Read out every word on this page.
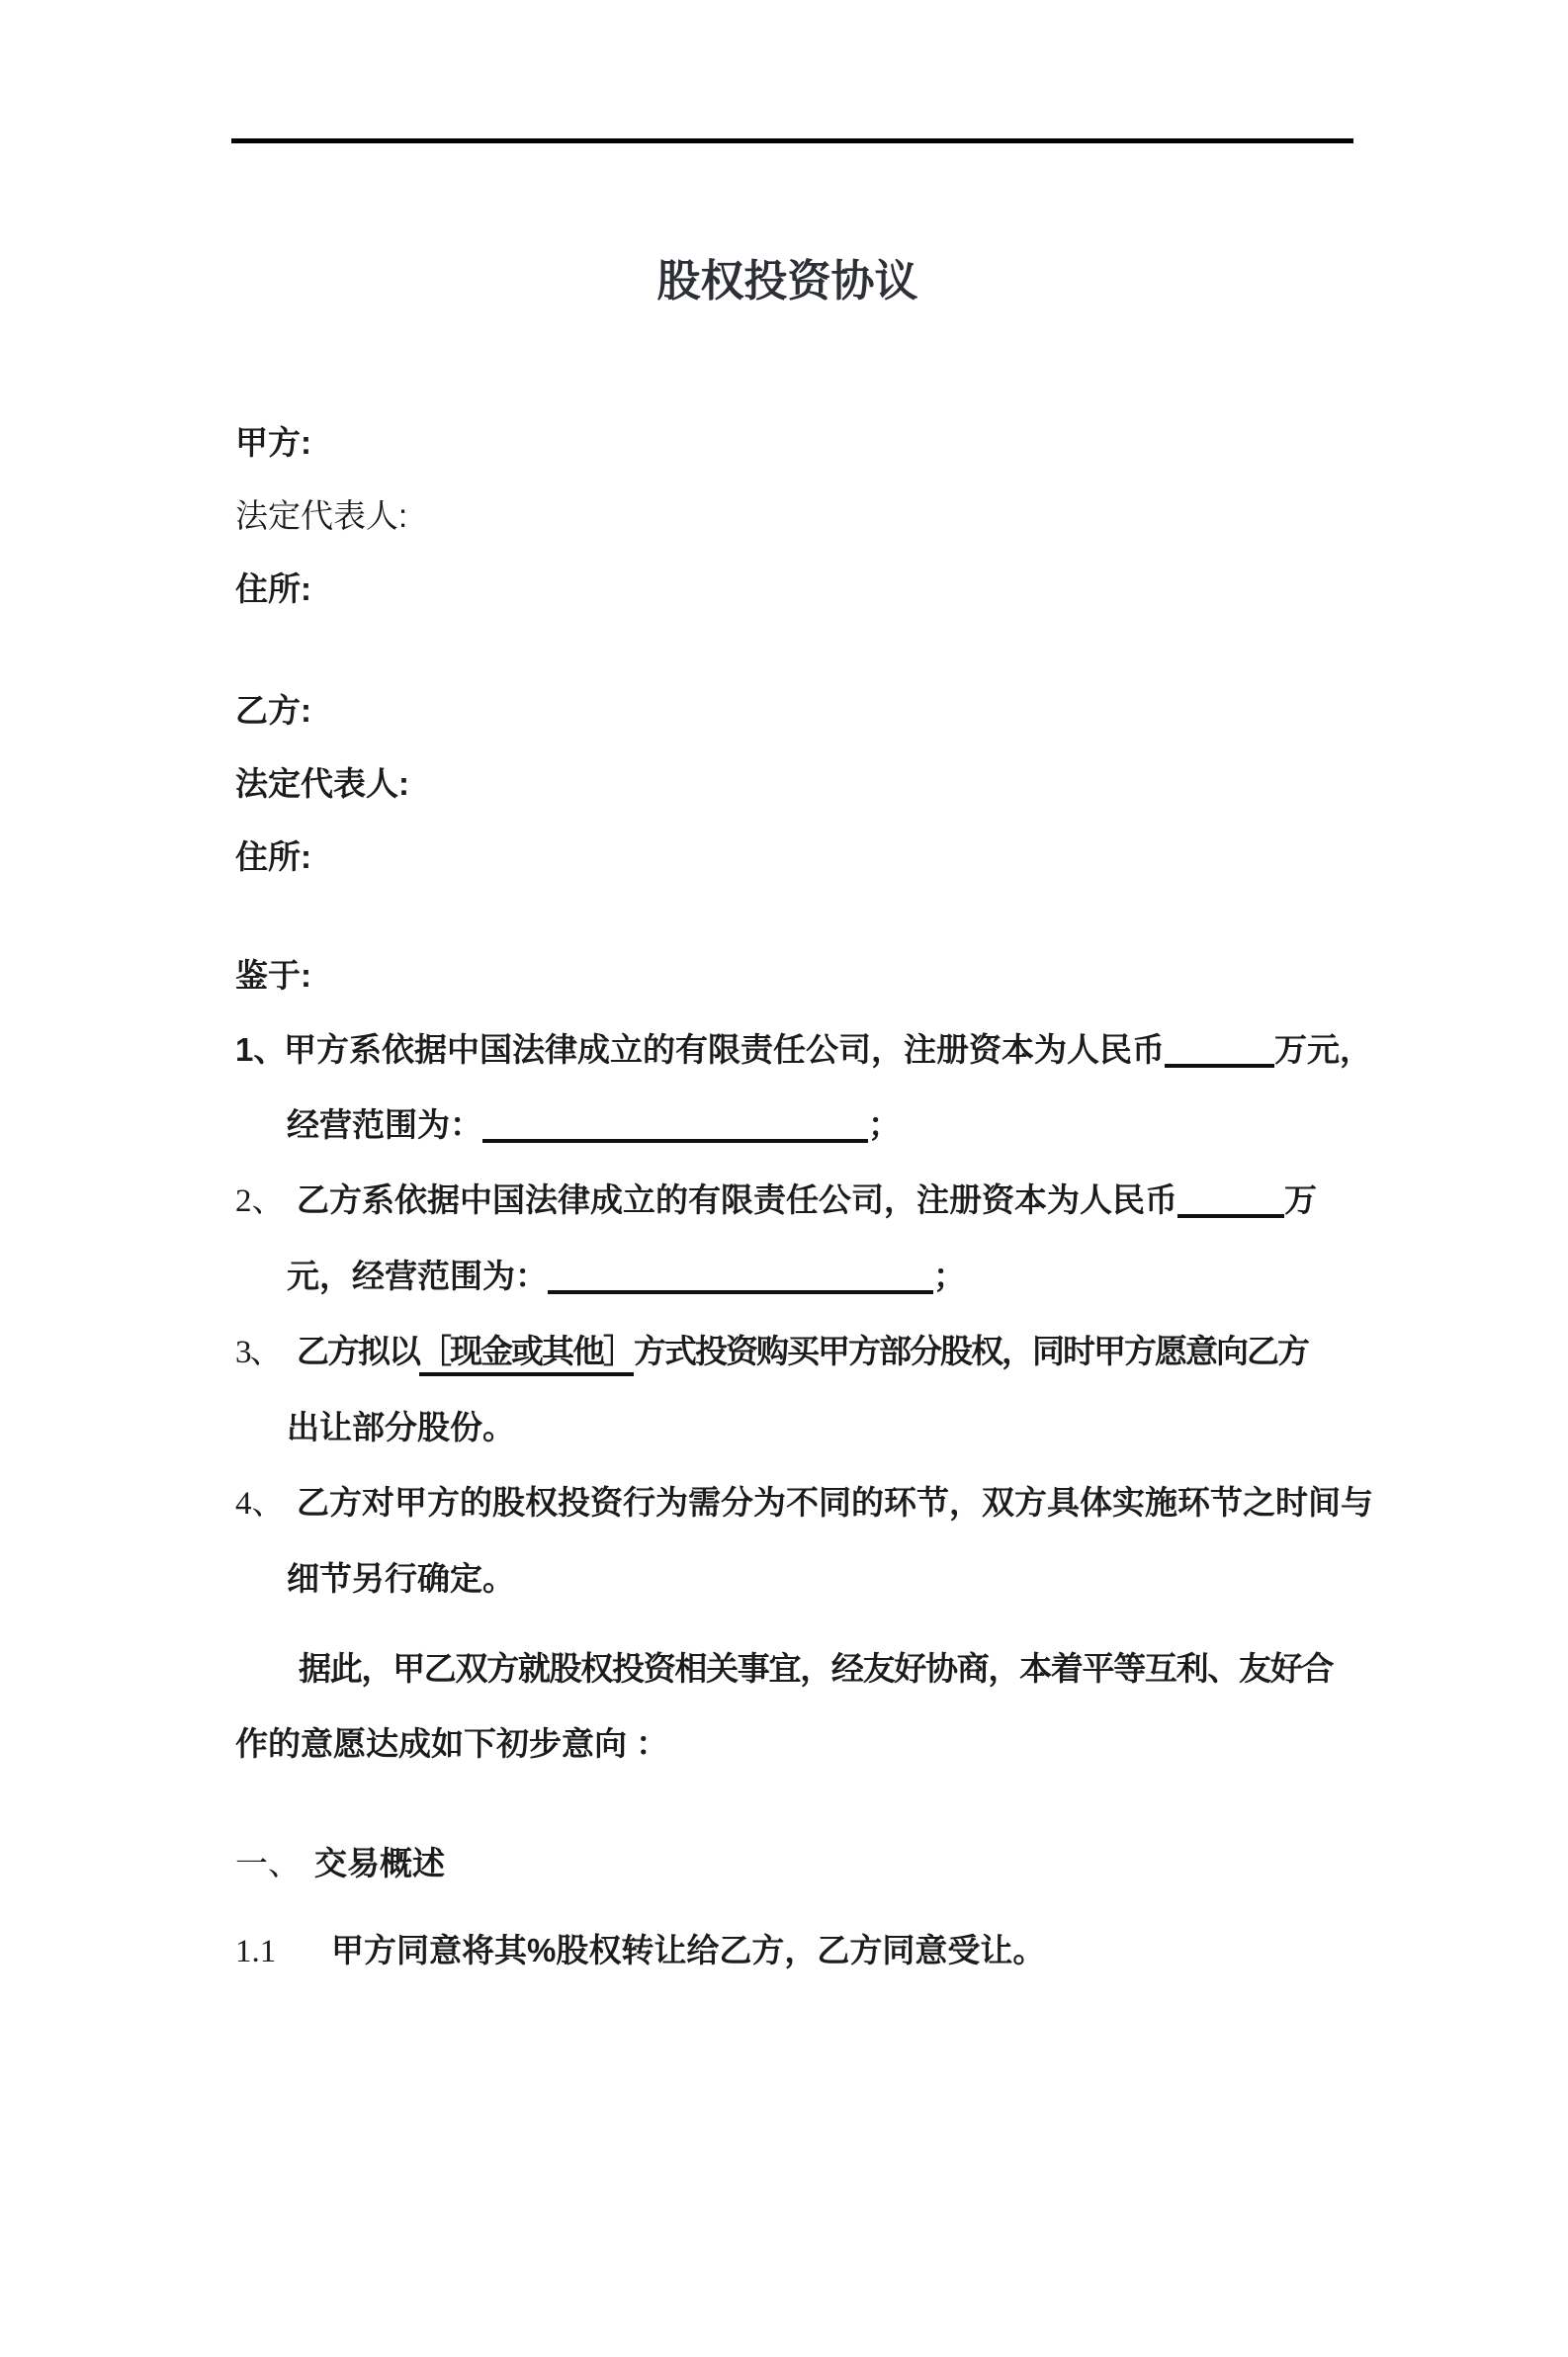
股权投资协议
甲方:
法定代表人:
住所:
乙方:
法定代表人:
住所:
鉴于:
1、甲方系依据中国法律成立的有限责任公司，注册资本为人民币	万元，
经营范围为：	；
2、 乙方系依据中国法律成立的有限责任公司，注册资本为人民币	万
元，经营范围为：	；
3、 乙方拟以［现金或其他］方式投资购买甲方部分股权，同时甲方愿意向乙方
出让部分股份。
4、 乙方对甲方的股权投资行为需分为不同的环节，双方具体实施环节之时间与
细节另行确定。
据此，甲乙双方就股权投资相关事宜，经友好协商，本着平等互利、友好合
作的意愿达成如下初步意向 ：
一、 交易概述
1.1 甲方同意将其%股权转让给乙方，乙方同意受让。
